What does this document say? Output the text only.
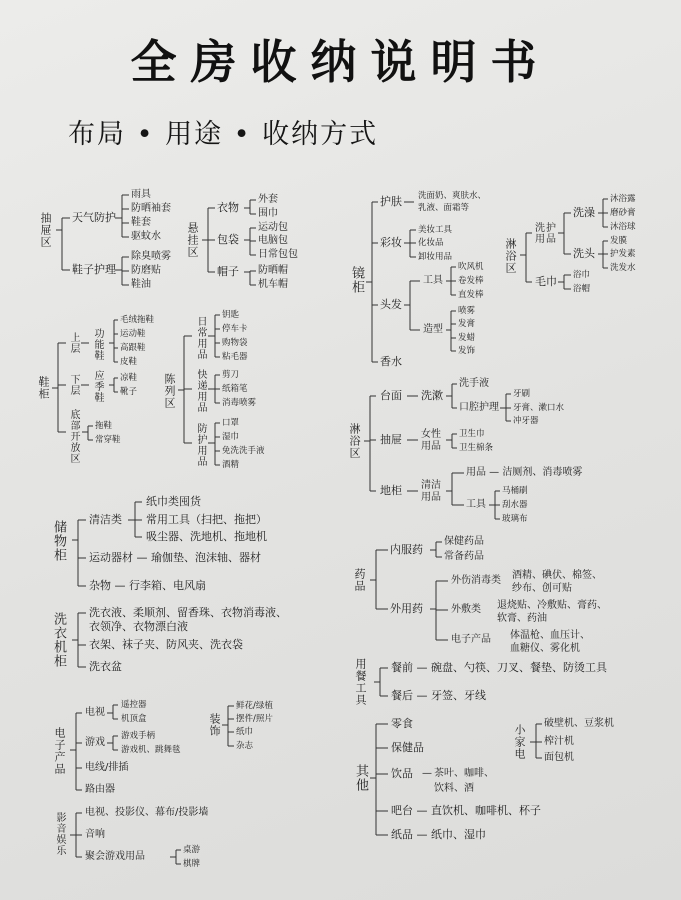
全房收纳说明书
布局 • 用途 • 收纳方式
抽屉区 天气防护
雨具
防晒袖套
鞋套
驱蚊水
鞋子护理
除臭喷雾
防磨贴
鞋油
悬挂区
衣物
外套
围巾
包袋
运动包
电脑包
日常包包
帽子 防晒帽
机车帽
鞋柜
上层 功能鞋
毛绒拖鞋
运动鞋
高跟鞋
皮鞋
下层 应季鞋 凉鞋
靴子
底部开放区 拖鞋
常穿鞋
陈列区
日常用品
钥匙
停车卡
购物袋
粘毛器
快递用品 剪刀
纸箱笔
消毒喷雾
防护用品 口罩
湿巾
免洗洗手液
酒精
储物柜
清洁类
纸巾类囤货
常用工具（扫把、拖把）
吸尘器、洗地机、拖地机
运动器材 — 瑜伽垫、泡沫轴、器材
杂物 — 行李箱、电风扇
洗衣机柜 洗衣液、柔顺剂、留香珠、衣物消毒液、
衣领净、衣物漂白液
衣架、袜子夹、防风夹、洗衣袋
洗衣盆
电子产品
电视
遥控器
机顶盒
游戏
游戏手柄
游戏机、跳舞毯
电线/排插
路由器
装饰
鲜花/绿植
摆件/照片
纸巾
杂志
影音娱乐 电视、投影仪、幕布/投影墙
音响
聚会游戏用品
桌游
棋牌
镜柜
护肤 洗面奶、爽肤水、
乳液、面霜等
彩妆
美妆工具
化妆品
卸妆用品
头发
工具
吹风机
卷发棒
直发棒
造型
喷雾
发膏
发蜡
发饰
香水
淋浴区
洗护用品
洗澡
沐浴露
磨砂膏
沐浴球
洗头
发膜
护发素
洗发水
毛巾 浴巾
浴帽
淋浴区
台面 洗漱
洗手液
口腔护理
牙刷
牙膏、漱口水
冲牙器
抽屉 女性用品
卫生巾
卫生棉条
地柜 清洁用品
用品 — 洁厕剂、消毒喷雾
工具
马桶刷
刮水器
玻璃布
药品
内服药
保健药品
常备药品
外用药
外伤消毒类 酒精、碘伏、棉签、
纱布、创可贴
外敷类 退烧贴、冷敷贴、膏药、
软膏、药油
电子产品 体温枪、血压计、
血糖仪、雾化机
用餐工具 餐前 — 碗盘、勺筷、刀叉、餐垫、防烫工具
餐后 — 牙签、牙线
其他
零食
保健品
饮品 — 茶叶、咖啡、
饮料、酒
吧台 — 直饮机、咖啡机、杯子
纸品 — 纸巾、湿巾
小家电
破壁机、豆浆机
榨汁机
面包机
